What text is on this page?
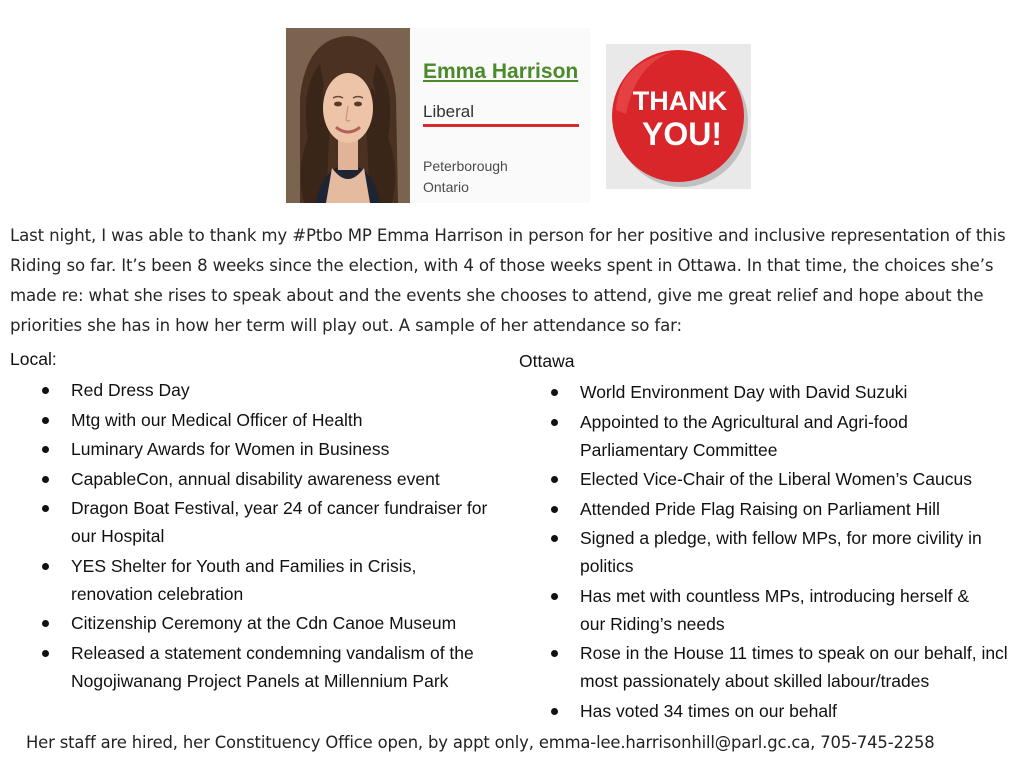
Emma Harrison
Liberal
Peterborough
Ontario
THANK
YOU!

Last night, I was able to thank my #Ptbo MP Emma Harrison in person for her positive and inclusive representation of this Riding so far. It’s been 8 weeks since the election, with 4 of those weeks spent in Ottawa. In that time, the choices she’s made re: what she rises to speak about and the events she chooses to attend, give me great relief and hope about the priorities she has in how her term will play out. A sample of her attendance so far:

Local:
Red Dress Day
Mtg with our Medical Officer of Health
Luminary Awards for Women in Business
CapableCon, annual disability awareness event
Dragon Boat Festival, year 24 of cancer fundraiser for our Hospital
YES Shelter for Youth and Families in Crisis, renovation celebration
Citizenship Ceremony at the Cdn Canoe Museum
Released a statement condemning vandalism of the Nogojiwanang Project Panels at Millennium Park
Ottawa
World Environment Day with David Suzuki
Appointed to the Agricultural and Agri-food Parliamentary Committee
Elected Vice-Chair of the Liberal Women’s Caucus
Attended Pride Flag Raising on Parliament Hill
Signed a pledge, with fellow MPs, for more civility in politics
Has met with countless MPs, introducing herself & our Riding’s needs
Rose in the House 11 times to speak on our behalf, incl most passionately about skilled labour/trades
Has voted 34 times on our behalf

Her staff are hired, her Constituency Office open, by appt only, emma-lee.harrisonhill@parl.gc.ca, 705-745-2258
